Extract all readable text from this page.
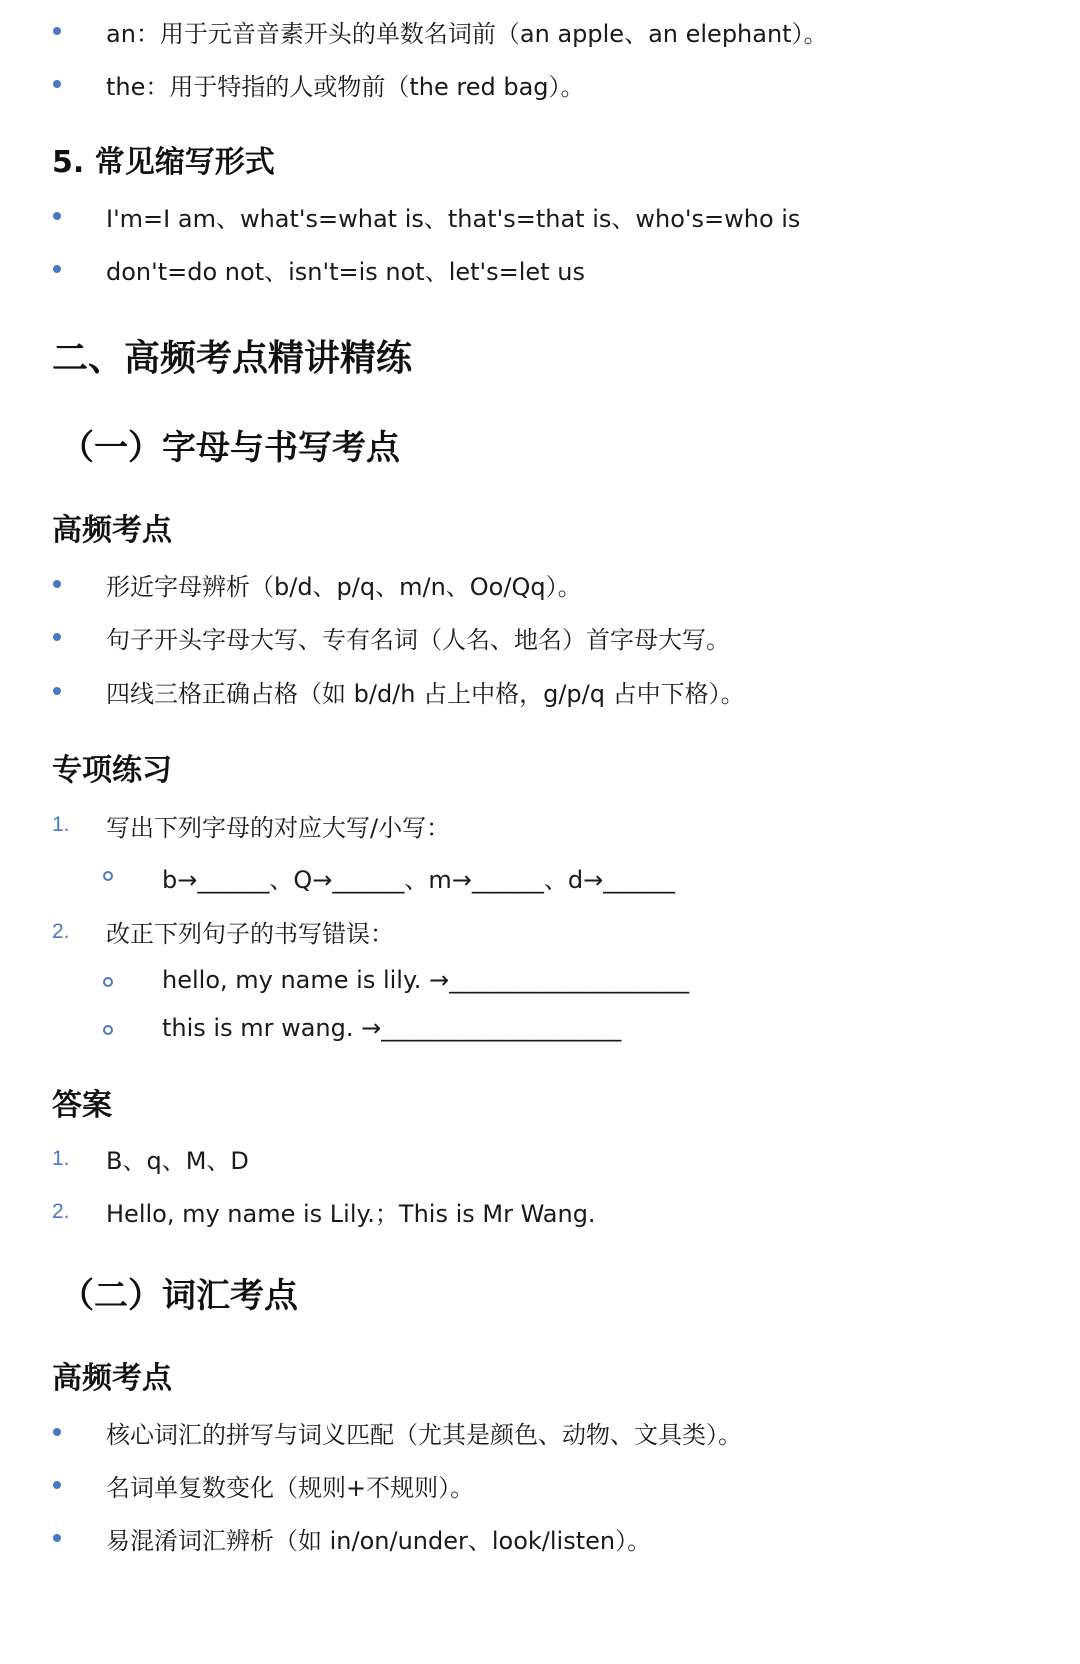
an：用于元音音素开头的单数名词前（an apple、an elephant）。
the：用于特指的人或物前（the red bag）。
5. 常见缩写形式
I'm=I am、what's=what is、that's=that is、who's=who is
don't=do not、isn't=is not、let's=let us
二、高频考点精讲精练
（一）字母与书写考点
高频考点
形近字母辨析（b/d、p/q、m/n、Oo/Qq）。
句子开头字母大写、专有名词（人名、地名）首字母大写。
四线三格正确占格（如 b/d/h 占上中格，g/p/q 占中下格）。
专项练习
1. 写出下列字母的对应大写/小写：
b→______、Q→______、m→______、d→______
2. 改正下列句子的书写错误：
hello, my name is lily. →____________________
this is mr wang. →____________________
答案
1. B、q、M、D
2. Hello, my name is Lily.；This is Mr Wang.
（二）词汇考点
高频考点
核心词汇的拼写与词义匹配（尤其是颜色、动物、文具类）。
名词单复数变化（规则+不规则）。
易混淆词汇辨析（如 in/on/under、look/listen）。
